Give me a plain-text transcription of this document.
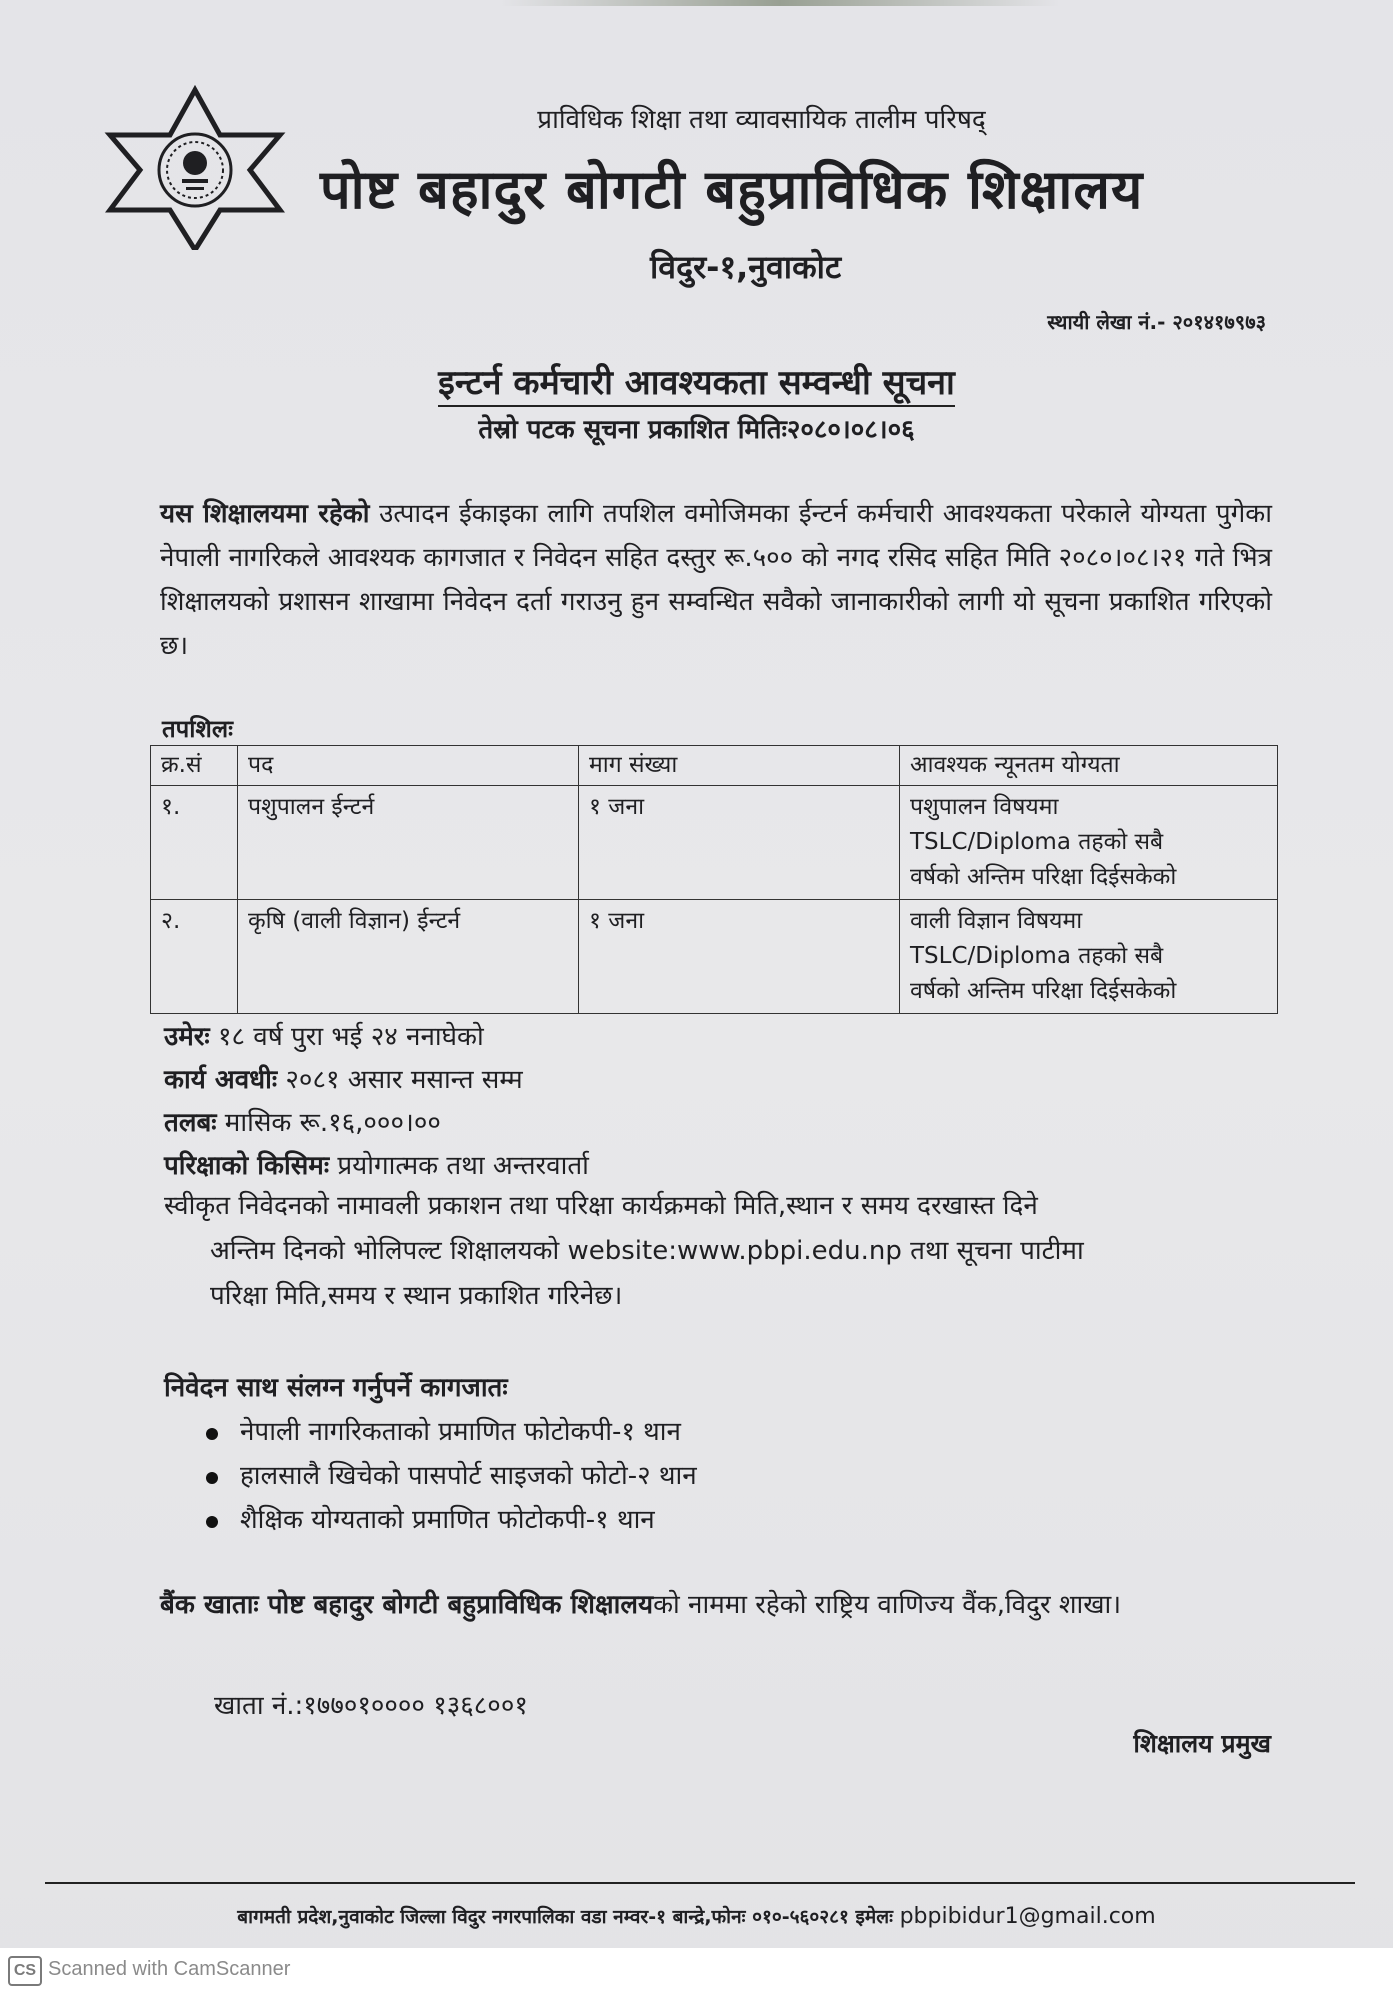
प्राविधिक शिक्षा तथा व्यावसायिक तालीम परिषद्
पोष्ट बहादुर बोगटी बहुप्राविधिक शिक्षालय
विदुर-१,नुवाकोट
स्थायी लेखा नं.- २०१४१७९७३
इन्टर्न कर्मचारी आवश्यकता सम्वन्धी सूचना
तेस्रो पटक सूचना प्रकाशित मितिः२०८०।०८।०६
यस शिक्षालयमा रहेको उत्पादन ईकाइका लागि तपशिल वमोजिमका ईन्टर्न कर्मचारी आवश्यकता परेकाले योग्यता पुगेका नेपाली नागरिकले आवश्यक कागजात र निवेदन सहित दस्तुर रू.५०० को नगद रसिद सहित मिति २०८०।०८।२१ गते भित्र शिक्षालयको प्रशासन शाखामा निवेदन दर्ता गराउनु हुन सम्वन्धित सवैको जानाकारीको लागी यो सूचना प्रकाशित गरिएको छ।
तपशिलः
क्र.सं	पद	माग संख्या	आवश्यक न्यूनतम योग्यता
१.	पशुपालन ईन्टर्न	१ जना	पशुपालन विषयमा
TSLC/Diploma तहको सबै
वर्षको अन्तिम परिक्षा दिईसकेको

२.	कृषि (वाली विज्ञान) ईन्टर्न	१ जना	वाली विज्ञान विषयमा
TSLC/Diploma तहको सबै
वर्षको अन्तिम परिक्षा दिईसकेको
उमेरः १८ वर्ष पुरा भई २४ ननाघेको
कार्य अवधीः २०८१ असार मसान्त सम्म
तलबः मासिक रू.१६,०००।००
परिक्षाको किसिमः प्रयोगात्मक तथा अन्तरवार्ता
स्वीकृत निवेदनको नामावली प्रकाशन तथा परिक्षा कार्यक्रमको मिति,स्थान र समय दरखास्त दिने
अन्तिम दिनको भोलिपल्ट शिक्षालयको website:www.pbpi.edu.np तथा सूचना पाटीमा
परिक्षा मिति,समय र स्थान प्रकाशित गरिनेछ।
निवेदन साथ संलग्न गर्नुपर्ने कागजातः
नेपाली नागरिकताको प्रमाणित फोटोकपी-१ थान
हालसालै खिचेको पासपोर्ट साइजको फोटो-२ थान
शैक्षिक योग्यताको प्रमाणित फोटोकपी-१ थान
बैंक खाताः पोष्ट बहादुर बोगटी बहुप्राविधिक शिक्षालयको नाममा रहेको राष्ट्रिय वाणिज्य वैंक,विदुर शाखा।
खाता नं.:१७७०१०००० १३६८००१
शिक्षालय प्रमुख
बागमती प्रदेश,नुवाकोट जिल्ला विदुर नगरपालिका वडा नम्वर-१ बान्द्रे,फोनः ०१०-५६०२८१ इमेलः pbpibidur1@gmail.com
CS Scanned with CamScanner
